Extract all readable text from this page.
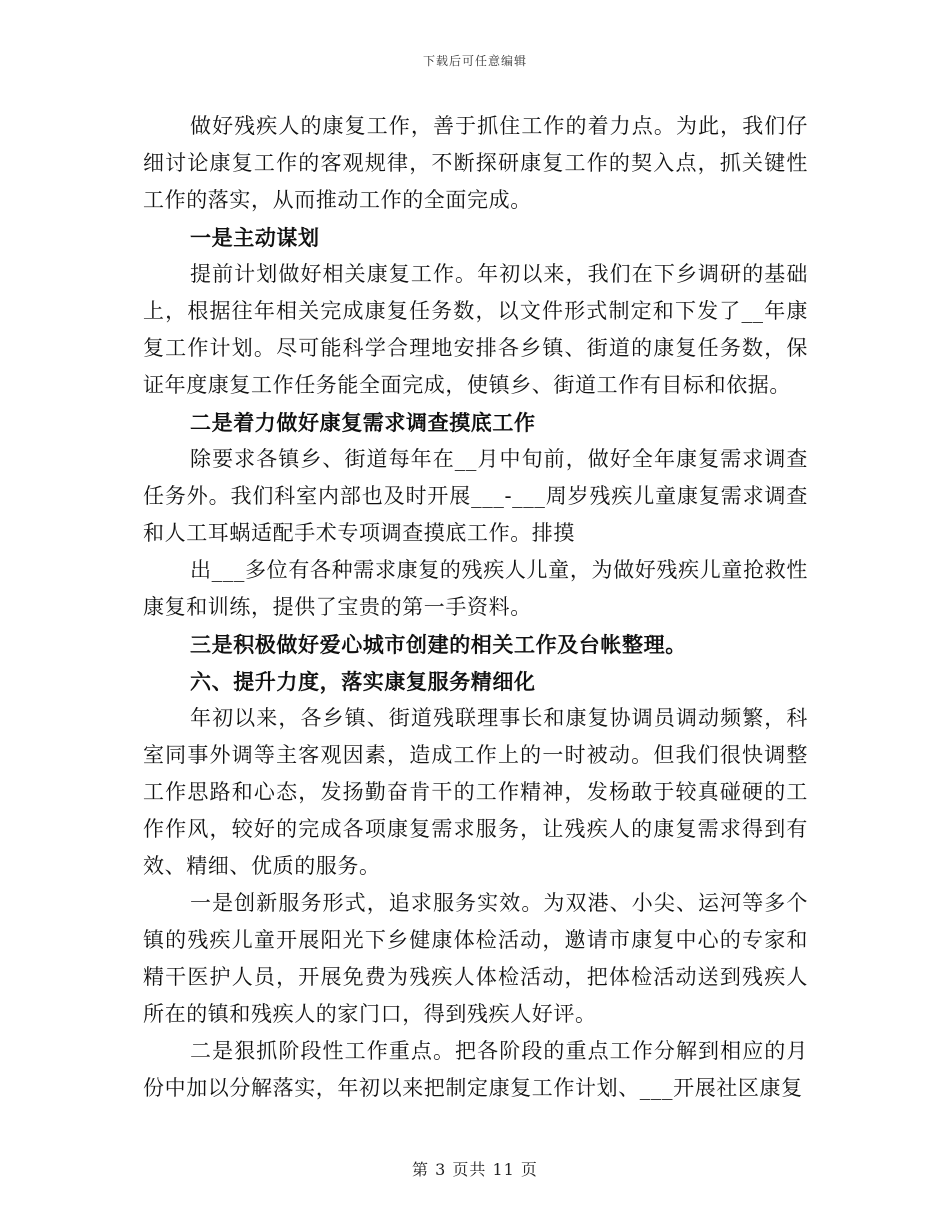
下载后可任意编辑

做好残疾人的康复工作，善于抓住工作的着力点。为此，我们仔细讨论康复工作的客观规律，不断探研康复工作的契入点，抓关键性工作的落实，从而推动工作的全面完成。

一是主动谋划

提前计划做好相关康复工作。年初以来，我们在下乡调研的基础上，根据往年相关完成康复任务数，以文件形式制定和下发了__年康复工作计划。尽可能科学合理地安排各乡镇、街道的康复任务数，保证年度康复工作任务能全面完成，使镇乡、街道工作有目标和依据。

二是着力做好康复需求调查摸底工作

除要求各镇乡、街道每年在__月中旬前，做好全年康复需求调查任务外。我们科室内部也及时开展___-___周岁残疾儿童康复需求调查和人工耳蜗适配手术专项调查摸底工作。排摸

出___多位有各种需求康复的残疾人儿童，为做好残疾儿童抢救性康复和训练，提供了宝贵的第一手资料。

三是积极做好爱心城市创建的相关工作及台帐整理。

六、提升力度，落实康复服务精细化

年初以来，各乡镇、街道残联理事长和康复协调员调动频繁，科室同事外调等主客观因素，造成工作上的一时被动。但我们很快调整工作思路和心态，发扬勤奋肯干的工作精神，发杨敢于较真碰硬的工作作风，较好的完成各项康复需求服务，让残疾人的康复需求得到有效、精细、优质的服务。

一是创新服务形式，追求服务实效。为双港、小尖、运河等多个镇的残疾儿童开展阳光下乡健康体检活动，邀请市康复中心的专家和精干医护人员，开展免费为残疾人体检活动，把体检活动送到残疾人所在的镇和残疾人的家门口，得到残疾人好评。

二是狠抓阶段性工作重点。把各阶段的重点工作分解到相应的月份中加以分解落实，年初以来把制定康复工作计划、___开展社区康复

第 3 页共 11 页
